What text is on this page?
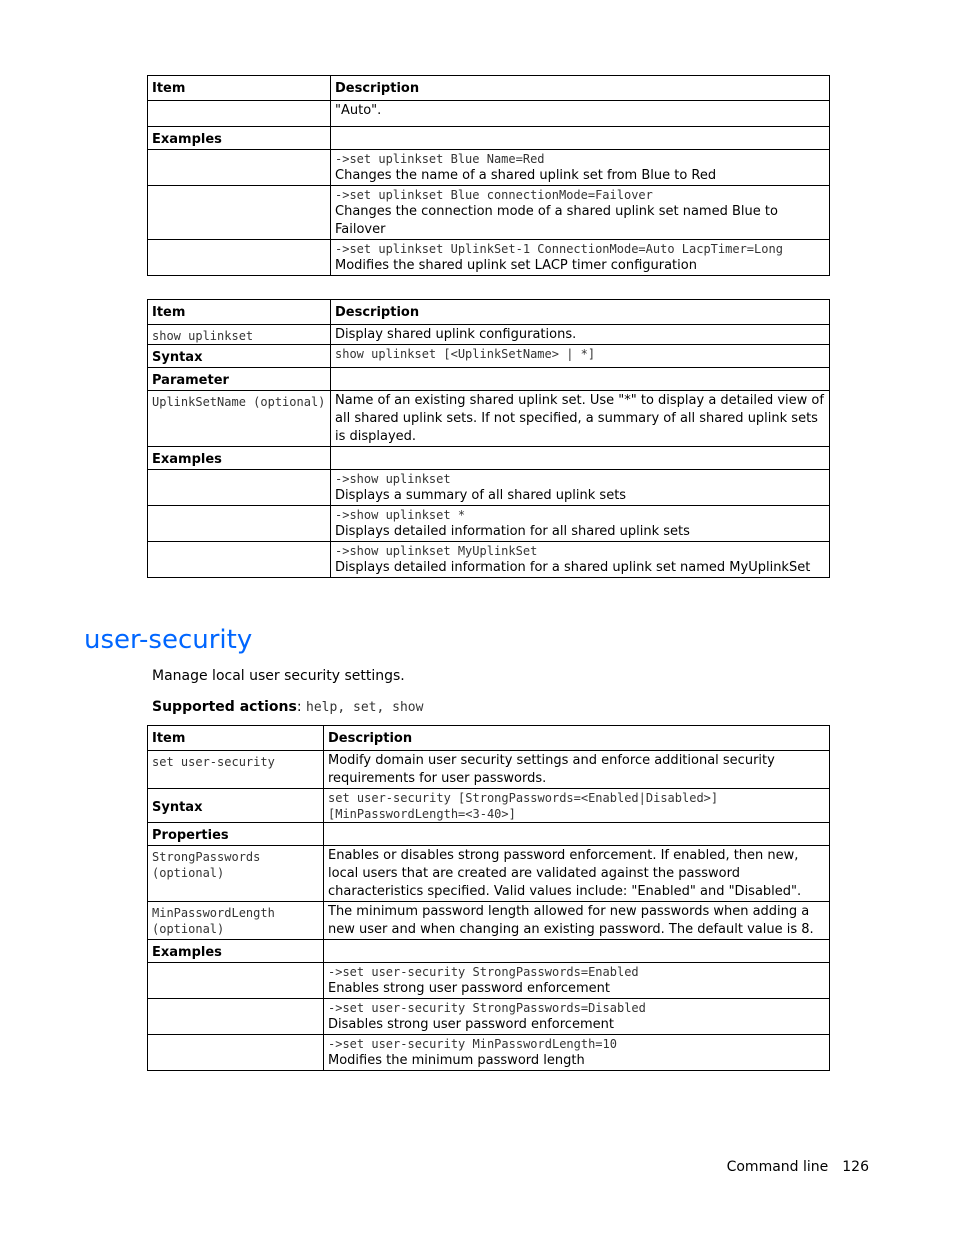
Item	Description
	"Auto".
Examples	

	->set uplinkset Blue Name=Red
Changes the name of a shared uplink set from Blue to Red

	->set uplinkset Blue connectionMode=Failover
Changes the connection mode of a shared uplink set named Blue to Failover

	->set uplinkset UplinkSet-1 ConnectionMode=Auto LacpTimer=Long
Modifies the shared uplink set LACP timer configuration
Item	Description
show uplinkset	Display shared uplink configurations.
Syntax	show uplinkset [<UplinkSetName> | *]
Parameter	
UplinkSetName (optional)	Name of an existing shared uplink set. Use "*" to display a detailed view of all shared uplink sets. If not specified, a summary of all shared uplink sets is displayed.
Examples	

	->show uplinkset
Displays a summary of all shared uplink sets

	->show uplinkset *
Displays detailed information for all shared uplink sets

	->show uplinkset MyUplinkSet
Displays detailed information for a shared uplink set named MyUplinkSet
user-security
Manage local user security settings.
Supported actions: help, set, show
Item	Description
set user-security	Modify domain user security settings and enforce additional security requirements for user passwords.
Syntax	set user-security [StrongPasswords=<Enabled|Disabled>] [MinPasswordLength=<3-40>]
Properties	
StrongPasswords (optional)	Enables or disables strong password enforcement. If enabled, then new, local users that are created are validated against the password characteristics specified. Valid values include: "Enabled" and "Disabled".
MinPasswordLength (optional)	The minimum password length allowed for new passwords when adding a new user and when changing an existing password. The default value is 8.
Examples	

	->set user-security StrongPasswords=Enabled
Enables strong user password enforcement

	->set user-security StrongPasswords=Disabled
Disables strong user password enforcement

	->set user-security MinPasswordLength=10
Modifies the minimum password length
Command line 126
